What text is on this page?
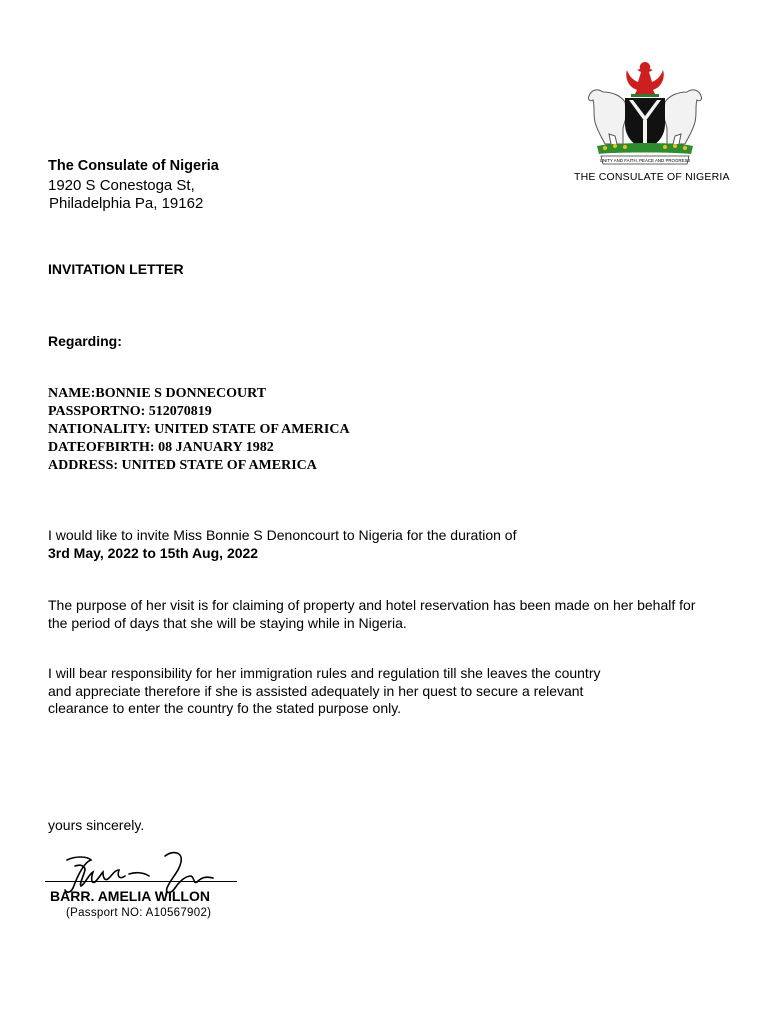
The Consulate of Nigeria
1920 S Conestoga St,
Philadelphia Pa, 19162
UNITY AND FAITH, PEACE AND PROGRESS
THE CONSULATE OF NIGERIA
INVITATION LETTER
Regarding:
NAME:BONNIE S DONNECOURT
PASSPORTNO: 512070819
NATIONALITY: UNITED STATE OF AMERICA
DATEOFBIRTH: 08 JANUARY 1982
ADDRESS: UNITED STATE OF AMERICA
I would like to invite Miss Bonnie S Denoncourt to Nigeria for the duration of
3rd May, 2022 to 15th Aug, 2022
The purpose of her visit is for claiming of property and hotel reservation has been made on her behalf for
the period of days that she will be staying while in Nigeria.
I will bear responsibility for her immigration rules and regulation till she leaves the country
and appreciate therefore if she is assisted adequately in her quest to secure a relevant
clearance to enter the country fo the stated purpose only.
yours sincerely.
BARR. AMELIA WILLON
(Passport NO: A10567902)
